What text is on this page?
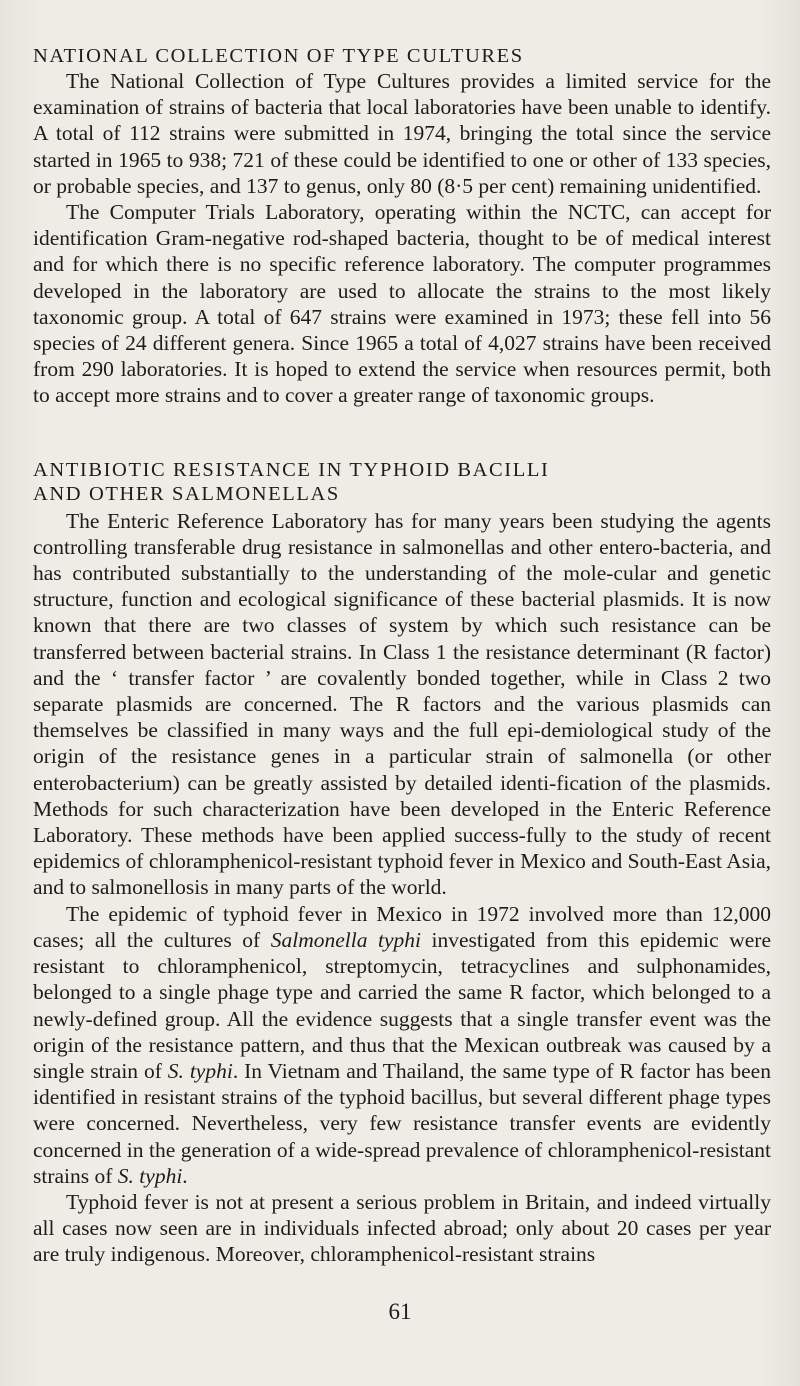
NATIONAL COLLECTION OF TYPE CULTURES

The National Collection of Type Cultures provides a limited service for the examination of strains of bacteria that local laboratories have been unable to identify. A total of 112 strains were submitted in 1974, bringing the total since the service started in 1965 to 938; 721 of these could be identified to one or other of 133 species, or probable species, and 137 to genus, only 80 (8·5 per cent) remaining unidentified.

The Computer Trials Laboratory, operating within the NCTC, can accept for identification Gram-negative rod-shaped bacteria, thought to be of medical interest and for which there is no specific reference laboratory. The computer programmes developed in the laboratory are used to allocate the strains to the most likely taxonomic group. A total of 647 strains were examined in 1973; these fell into 56 species of 24 different genera. Since 1965 a total of 4,027 strains have been received from 290 laboratories. It is hoped to extend the service when resources permit, both to accept more strains and to cover a greater range of taxonomic groups.

ANTIBIOTIC RESISTANCE IN TYPHOID BACILLI
AND OTHER SALMONELLAS

The Enteric Reference Laboratory has for many years been studying the agents controlling transferable drug resistance in salmonellas and other entero-bacteria, and has contributed substantially to the understanding of the mole-cular and genetic structure, function and ecological significance of these bacterial plasmids. It is now known that there are two classes of system by which such resistance can be transferred between bacterial strains. In Class 1 the resistance determinant (R factor) and the ‘ transfer factor ’ are covalently bonded together, while in Class 2 two separate plasmids are concerned. The R factors and the various plasmids can themselves be classified in many ways and the full epi-demiological study of the origin of the resistance genes in a particular strain of salmonella (or other enterobacterium) can be greatly assisted by detailed identi-fication of the plasmids. Methods for such characterization have been developed in the Enteric Reference Laboratory. These methods have been applied success-fully to the study of recent epidemics of chloramphenicol-resistant typhoid fever in Mexico and South-East Asia, and to salmonellosis in many parts of the world.

The epidemic of typhoid fever in Mexico in 1972 involved more than 12,000 cases; all the cultures of Salmonella typhi investigated from this epidemic were resistant to chloramphenicol, streptomycin, tetracyclines and sulphonamides, belonged to a single phage type and carried the same R factor, which belonged to a newly-defined group. All the evidence suggests that a single transfer event was the origin of the resistance pattern, and thus that the Mexican outbreak was caused by a single strain of S. typhi. In Vietnam and Thailand, the same type of R factor has been identified in resistant strains of the typhoid bacillus, but several different phage types were concerned. Nevertheless, very few resistance transfer events are evidently concerned in the generation of a wide-spread prevalence of chloramphenicol-resistant strains of S. typhi.

Typhoid fever is not at present a serious problem in Britain, and indeed virtually all cases now seen are in individuals infected abroad; only about 20 cases per year are truly indigenous. Moreover, chloramphenicol-resistant strains

61
